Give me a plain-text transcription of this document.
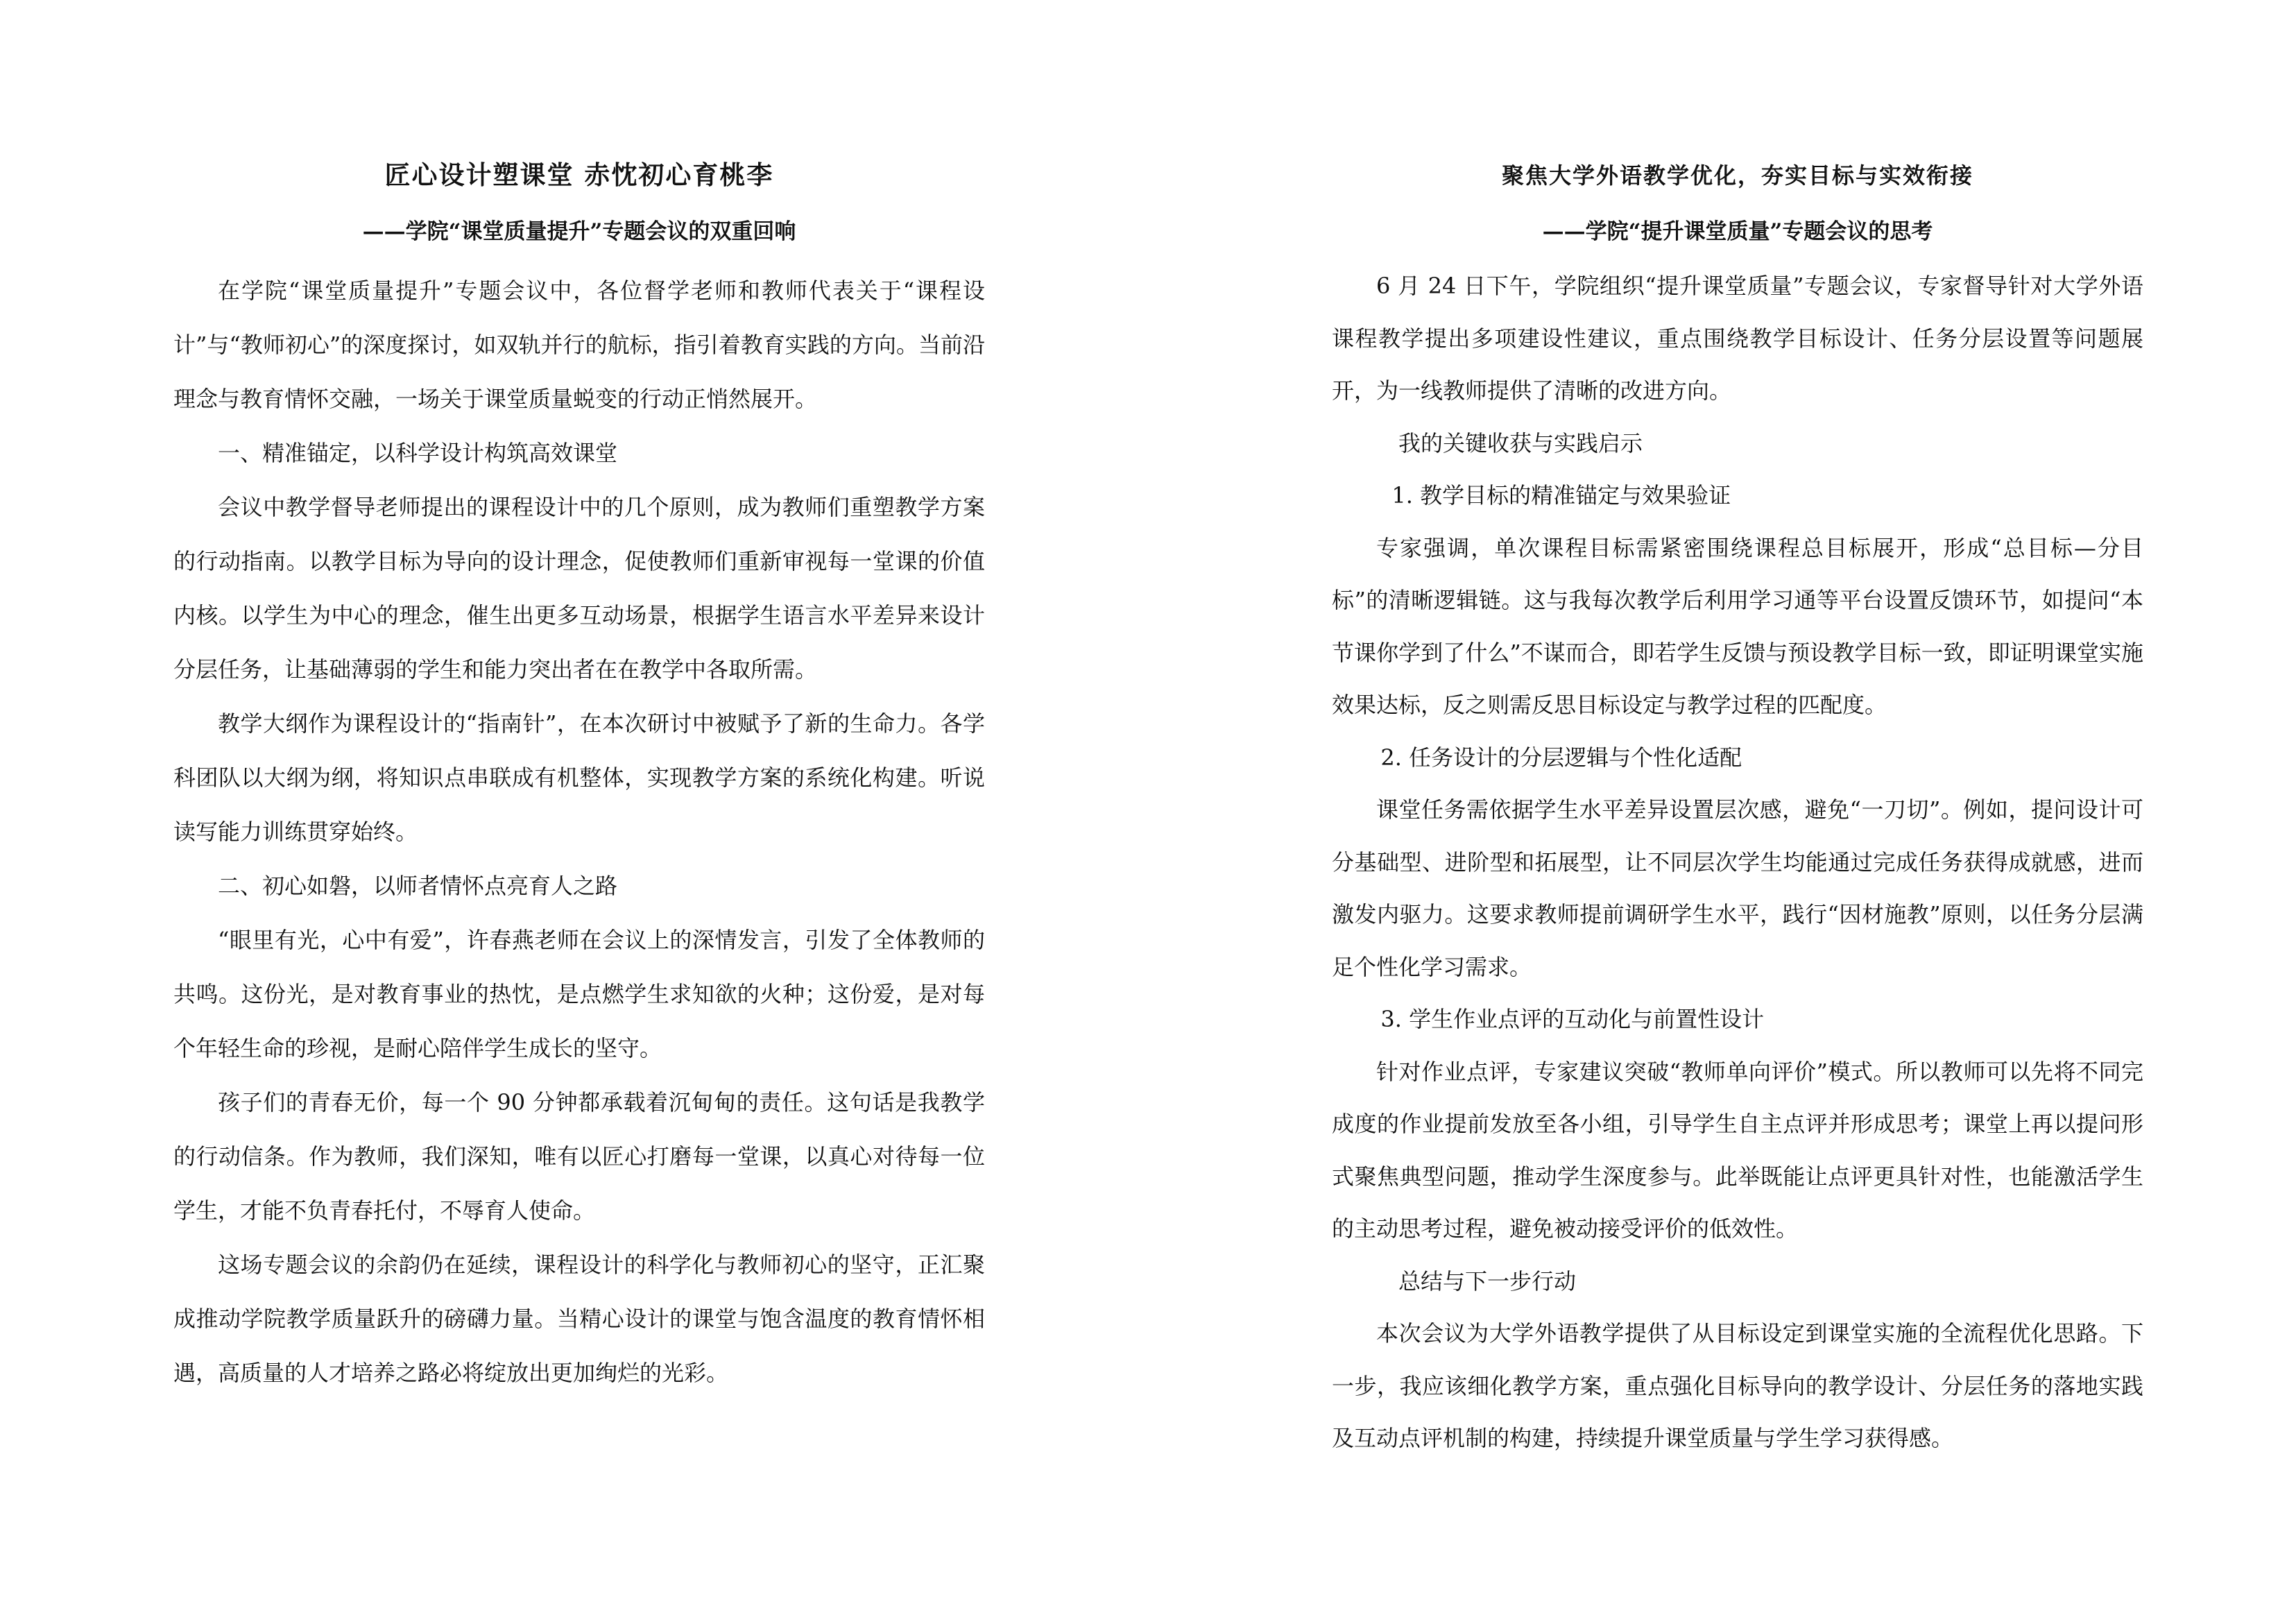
匠心设计塑课堂 赤忱初心育桃李
——学院“课堂质量提升”专题会议的双重回响

在学院“课堂质量提升”专题会议中，各位督学老师和教师代表关于“课程设计”与“教师初心”的深度探讨，如双轨并行的航标，指引着教育实践的方向。当前沿理念与教育情怀交融，一场关于课堂质量蜕变的行动正悄然展开。

一、精准锚定，以科学设计构筑高效课堂

会议中教学督导老师提出的课程设计中的几个原则，成为教师们重塑教学方案的行动指南。以教学目标为导向的设计理念，促使教师们重新审视每一堂课的价值内核。以学生为中心的理念，催生出更多互动场景，根据学生语言水平差异来设计分层任务，让基础薄弱的学生和能力突出者在在教学中各取所需。

教学大纲作为课程设计的“指南针”，在本次研讨中被赋予了新的生命力。各学科团队以大纲为纲，将知识点串联成有机整体，实现教学方案的系统化构建。听说读写能力训练贯穿始终。

二、初心如磐，以师者情怀点亮育人之路

“眼里有光，心中有爱”，许春燕老师在会议上的深情发言，引发了全体教师的共鸣。这份光，是对教育事业的热忱，是点燃学生求知欲的火种；这份爱，是对每个年轻生命的珍视，是耐心陪伴学生成长的坚守。

孩子们的青春无价，每一个 90 分钟都承载着沉甸甸的责任。这句话是我教学的行动信条。作为教师，我们深知，唯有以匠心打磨每一堂课，以真心对待每一位学生，才能不负青春托付，不辱育人使命。

这场专题会议的余韵仍在延续，课程设计的科学化与教师初心的坚守，正汇聚成推动学院教学质量跃升的磅礴力量。当精心设计的课堂与饱含温度的教育情怀相遇，高质量的人才培养之路必将绽放出更加绚烂的光彩。

聚焦大学外语教学优化，夯实目标与实效衔接
——学院“提升课堂质量”专题会议的思考

6 月 24 日下午，学院组织“提升课堂质量”专题会议，专家督导针对大学外语课程教学提出多项建设性建议，重点围绕教学目标设计、任务分层设置等问题展开，为一线教师提供了清晰的改进方向。

我的关键收获与实践启示

1. 教学目标的精准锚定与效果验证

专家强调，单次课程目标需紧密围绕课程总目标展开，形成“总目标—分目标”的清晰逻辑链。这与我每次教学后利用学习通等平台设置反馈环节，如提问“本节课你学到了什么”不谋而合，即若学生反馈与预设教学目标一致，即证明课堂实施效果达标，反之则需反思目标设定与教学过程的匹配度。

2. 任务设计的分层逻辑与个性化适配

课堂任务需依据学生水平差异设置层次感，避免“一刀切”。例如，提问设计可分基础型、进阶型和拓展型，让不同层次学生均能通过完成任务获得成就感，进而激发内驱力。这要求教师提前调研学生水平，践行“因材施教”原则，以任务分层满足个性化学习需求。

3. 学生作业点评的互动化与前置性设计

针对作业点评，专家建议突破“教师单向评价”模式。所以教师可以先将不同完成度的作业提前发放至各小组，引导学生自主点评并形成思考；课堂上再以提问形式聚焦典型问题，推动学生深度参与。此举既能让点评更具针对性，也能激活学生的主动思考过程，避免被动接受评价的低效性。

总结与下一步行动

本次会议为大学外语教学提供了从目标设定到课堂实施的全流程优化思路。下一步，我应该细化教学方案，重点强化目标导向的教学设计、分层任务的落地实践及互动点评机制的构建，持续提升课堂质量与学生学习获得感。
